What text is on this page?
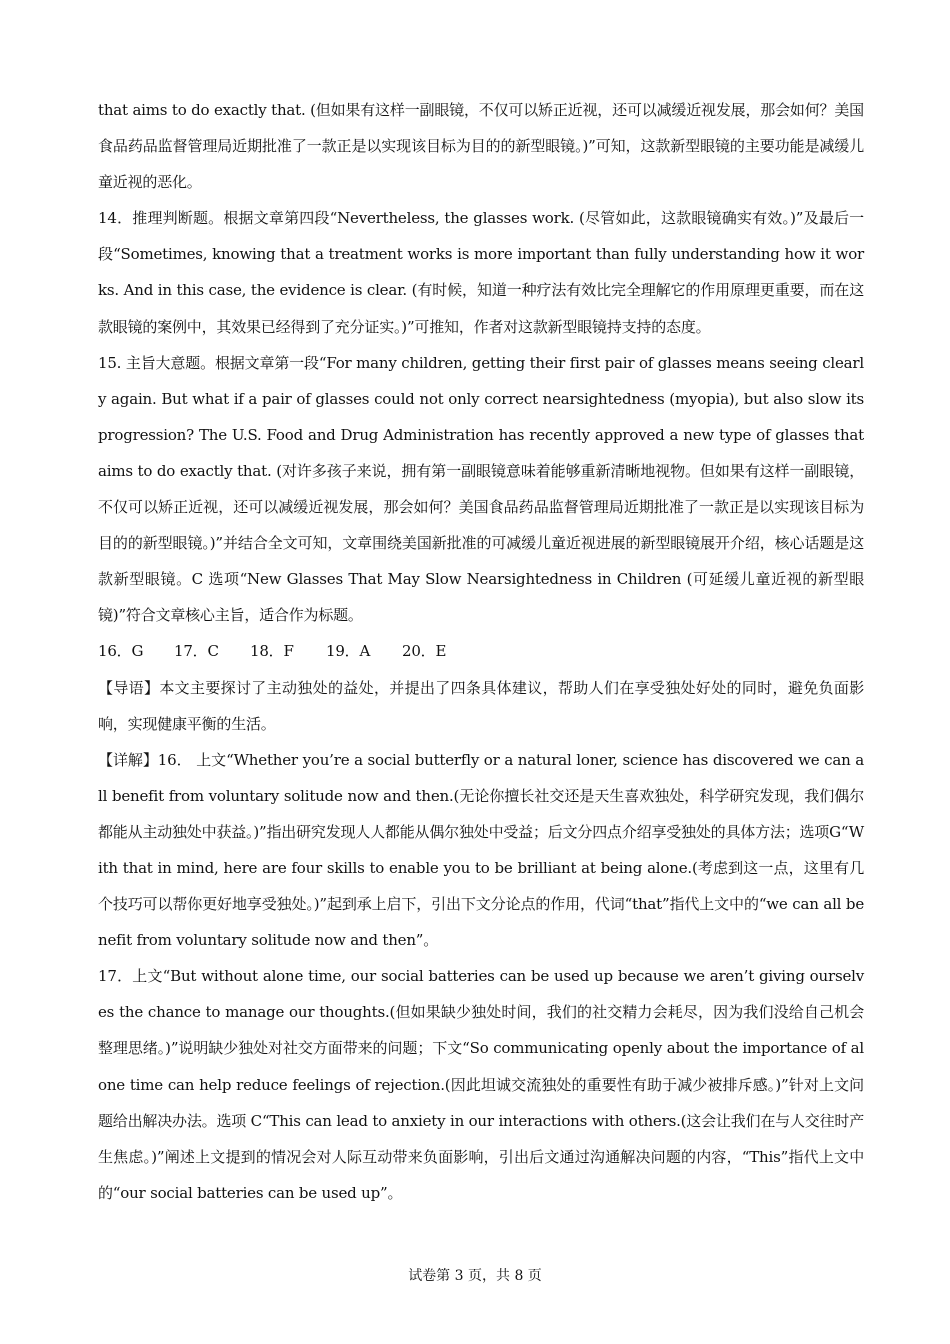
that aims to do exactly that. (但如果有这样一副眼镜，不仅可以矫正近视，还可以减缓近视发展，那会如何？美国食品药品监督管理局近期批准了一款正是以实现该目标为目的的新型眼镜。)”可知，这款新型眼镜的主要功能是减缓儿童近视的恶化。

14．推理判断题。根据文章第四段“Nevertheless, the glasses work. (尽管如此，这款眼镜确实有效。)”及最后一段“Sometimes, knowing that a treatment works is more important than fully understanding how it works. And in this case, the evidence is clear. (有时候，知道一种疗法有效比完全理解它的作用原理更重要，而在这款眼镜的案例中，其效果已经得到了充分证实。)”可推知，作者对这款新型眼镜持支持的态度。

15. 主旨大意题。根据文章第一段“For many children, getting their first pair of glasses means seeing clearly again. But what if a pair of glasses could not only correct nearsightedness (myopia), but also slow its progression? The U.S. Food and Drug Administration has recently approved a new type of glasses that aims to do exactly that. (对许多孩子来说，拥有第一副眼镜意味着能够重新清晰地视物。但如果有这样一副眼镜，不仅可以矫正近视，还可以减缓近视发展，那会如何？美国食品药品监督管理局近期批准了一款正是以实现该目标为目的的新型眼镜。)”并结合全文可知，文章围绕美国新批准的可减缓儿童近视进展的新型眼镜展开介绍，核心话题是这款新型眼镜。C 选项“New Glasses That May Slow Nearsightedness in Children (可延缓儿童近视的新型眼镜)”符合文章核心主旨，适合作为标题。

16．G	17．C	18．F	19．A	20．E

【导语】本文主要探讨了主动独处的益处，并提出了四条具体建议，帮助人们在享受独处好处的同时，避免负面影响，实现健康平衡的生活。

【详解】16． 上文“Whether you’re a social butterfly or a natural loner, science has discovered we can all benefit from voluntary solitude now and then.(无论你擅长社交还是天生喜欢独处，科学研究发现，我们偶尔都能从主动独处中获益。)”指出研究发现人人都能从偶尔独处中受益；后文分四点介绍享受独处的具体方法；选项G“With that in mind, here are four skills to enable you to be brilliant at being alone.(考虑到这一点，这里有几个技巧可以帮你更好地享受独处。)”起到承上启下，引出下文分论点的作用，代词“that”指代上文中的“we can all benefit from voluntary solitude now and then”。

17．上文“But without alone time, our social batteries can be used up because we aren’t giving ourselves the chance to manage our thoughts.(但如果缺少独处时间，我们的社交精力会耗尽，因为我们没给自己机会整理思绪。)”说明缺少独处对社交方面带来的问题；下文“So communicating openly about the importance of alone time can help reduce feelings of rejection.(因此坦诚交流独处的重要性有助于减少被排斥感。)”针对上文问题给出解决办法。选项 C“This can lead to anxiety in our interactions with others.(这会让我们在与人交往时产生焦虑。)”阐述上文提到的情况会对人际互动带来负面影响，引出后文通过沟通解决问题的内容，“This”指代上文中的“our social batteries can be used up”。

试卷第 3 页，共 8 页
